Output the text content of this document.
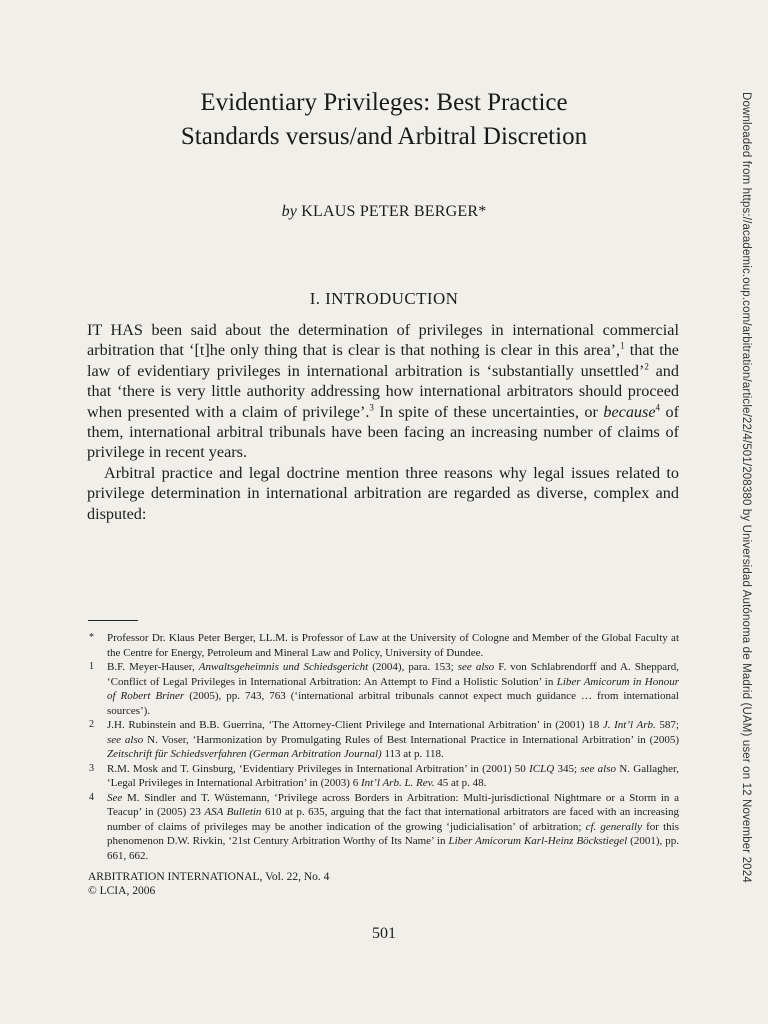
Evidentiary Privileges: Best Practice
Standards versus/and Arbitral Discretion
by KLAUS PETER BERGER*
I. INTRODUCTION

IT HAS been said about the determination of privileges in international commercial arbitration that ‘[t]he only thing that is clear is that nothing is clear in this area’,$^1$ that the law of evidentiary privileges in international arbitration is ‘substantially unsettled’$^2$ and that ‘there is very little authority addressing how international arbitrators should proceed when presented with a claim of privilege’.$^3$ In spite of these uncertainties, or because$^4$ of them, international arbitral tribunals have been facing an increasing number of claims of privilege in recent years.

Arbitral practice and legal doctrine mention three reasons why legal issues related to privilege determination in international arbitration are regarded as diverse, complex and disputed:

* Professor Dr. Klaus Peter Berger, LL.M. is Professor of Law at the University of Cologne and Member of the Global Faculty at the Centre for Energy, Petroleum and Mineral Law and Policy, University of Dundee.
1 B.F. Meyer-Hauser, Anwaltsgeheimnis und Schiedsgericht (2004), para. 153; see also F. von Schlabrendorff and A. Sheppard, ‘Conflict of Legal Privileges in International Arbitration: An Attempt to Find a Holistic Solution’ in Liber Amicorum in Honour of Robert Briner (2005), pp. 743, 763 (‘international arbitral tribunals cannot expect much guidance … from international sources’).
2 J.H. Rubinstein and B.B. Guerrina, ‘The Attorney-Client Privilege and International Arbitration’ in (2001) 18 J. Int’l Arb. 587; see also N. Voser, ‘Harmonization by Promulgating Rules of Best International Practice in International Arbitration’ in (2005) Zeitschrift für Schiedsverfahren (German Arbitration Journal) 113 at p. 118.
3 R.M. Mosk and T. Ginsburg, ‘Evidentiary Privileges in International Arbitration’ in (2001) 50 ICLQ 345; see also N. Gallagher, ‘Legal Privileges in International Arbitration’ in (2003) 6 Int’l Arb. L. Rev. 45 at p. 48.
4 See M. Sindler and T. Wüstemann, ‘Privilege across Borders in Arbitration: Multi-jurisdictional Nightmare or a Storm in a Teacup’ in (2005) 23 ASA Bulletin 610 at p. 635, arguing that the fact that international arbitrators are faced with an increasing number of claims of privileges may be another indication of the growing ‘judicialisation’ of arbitration; cf. generally for this phenomenon D.W. Rivkin, ‘21st Century Arbitration Worthy of Its Name’ in Liber Amicorum Karl-Heinz Böckstiegel (2001), pp. 661, 662.
ARBITRATION INTERNATIONAL, Vol. 22, No. 4
© LCIA, 2006
501
Downloaded from https://academic.oup.com/arbitration/article/22/4/501/208380 by Universidad Autónoma de Madrid (UAM) user on 12 November 2024
